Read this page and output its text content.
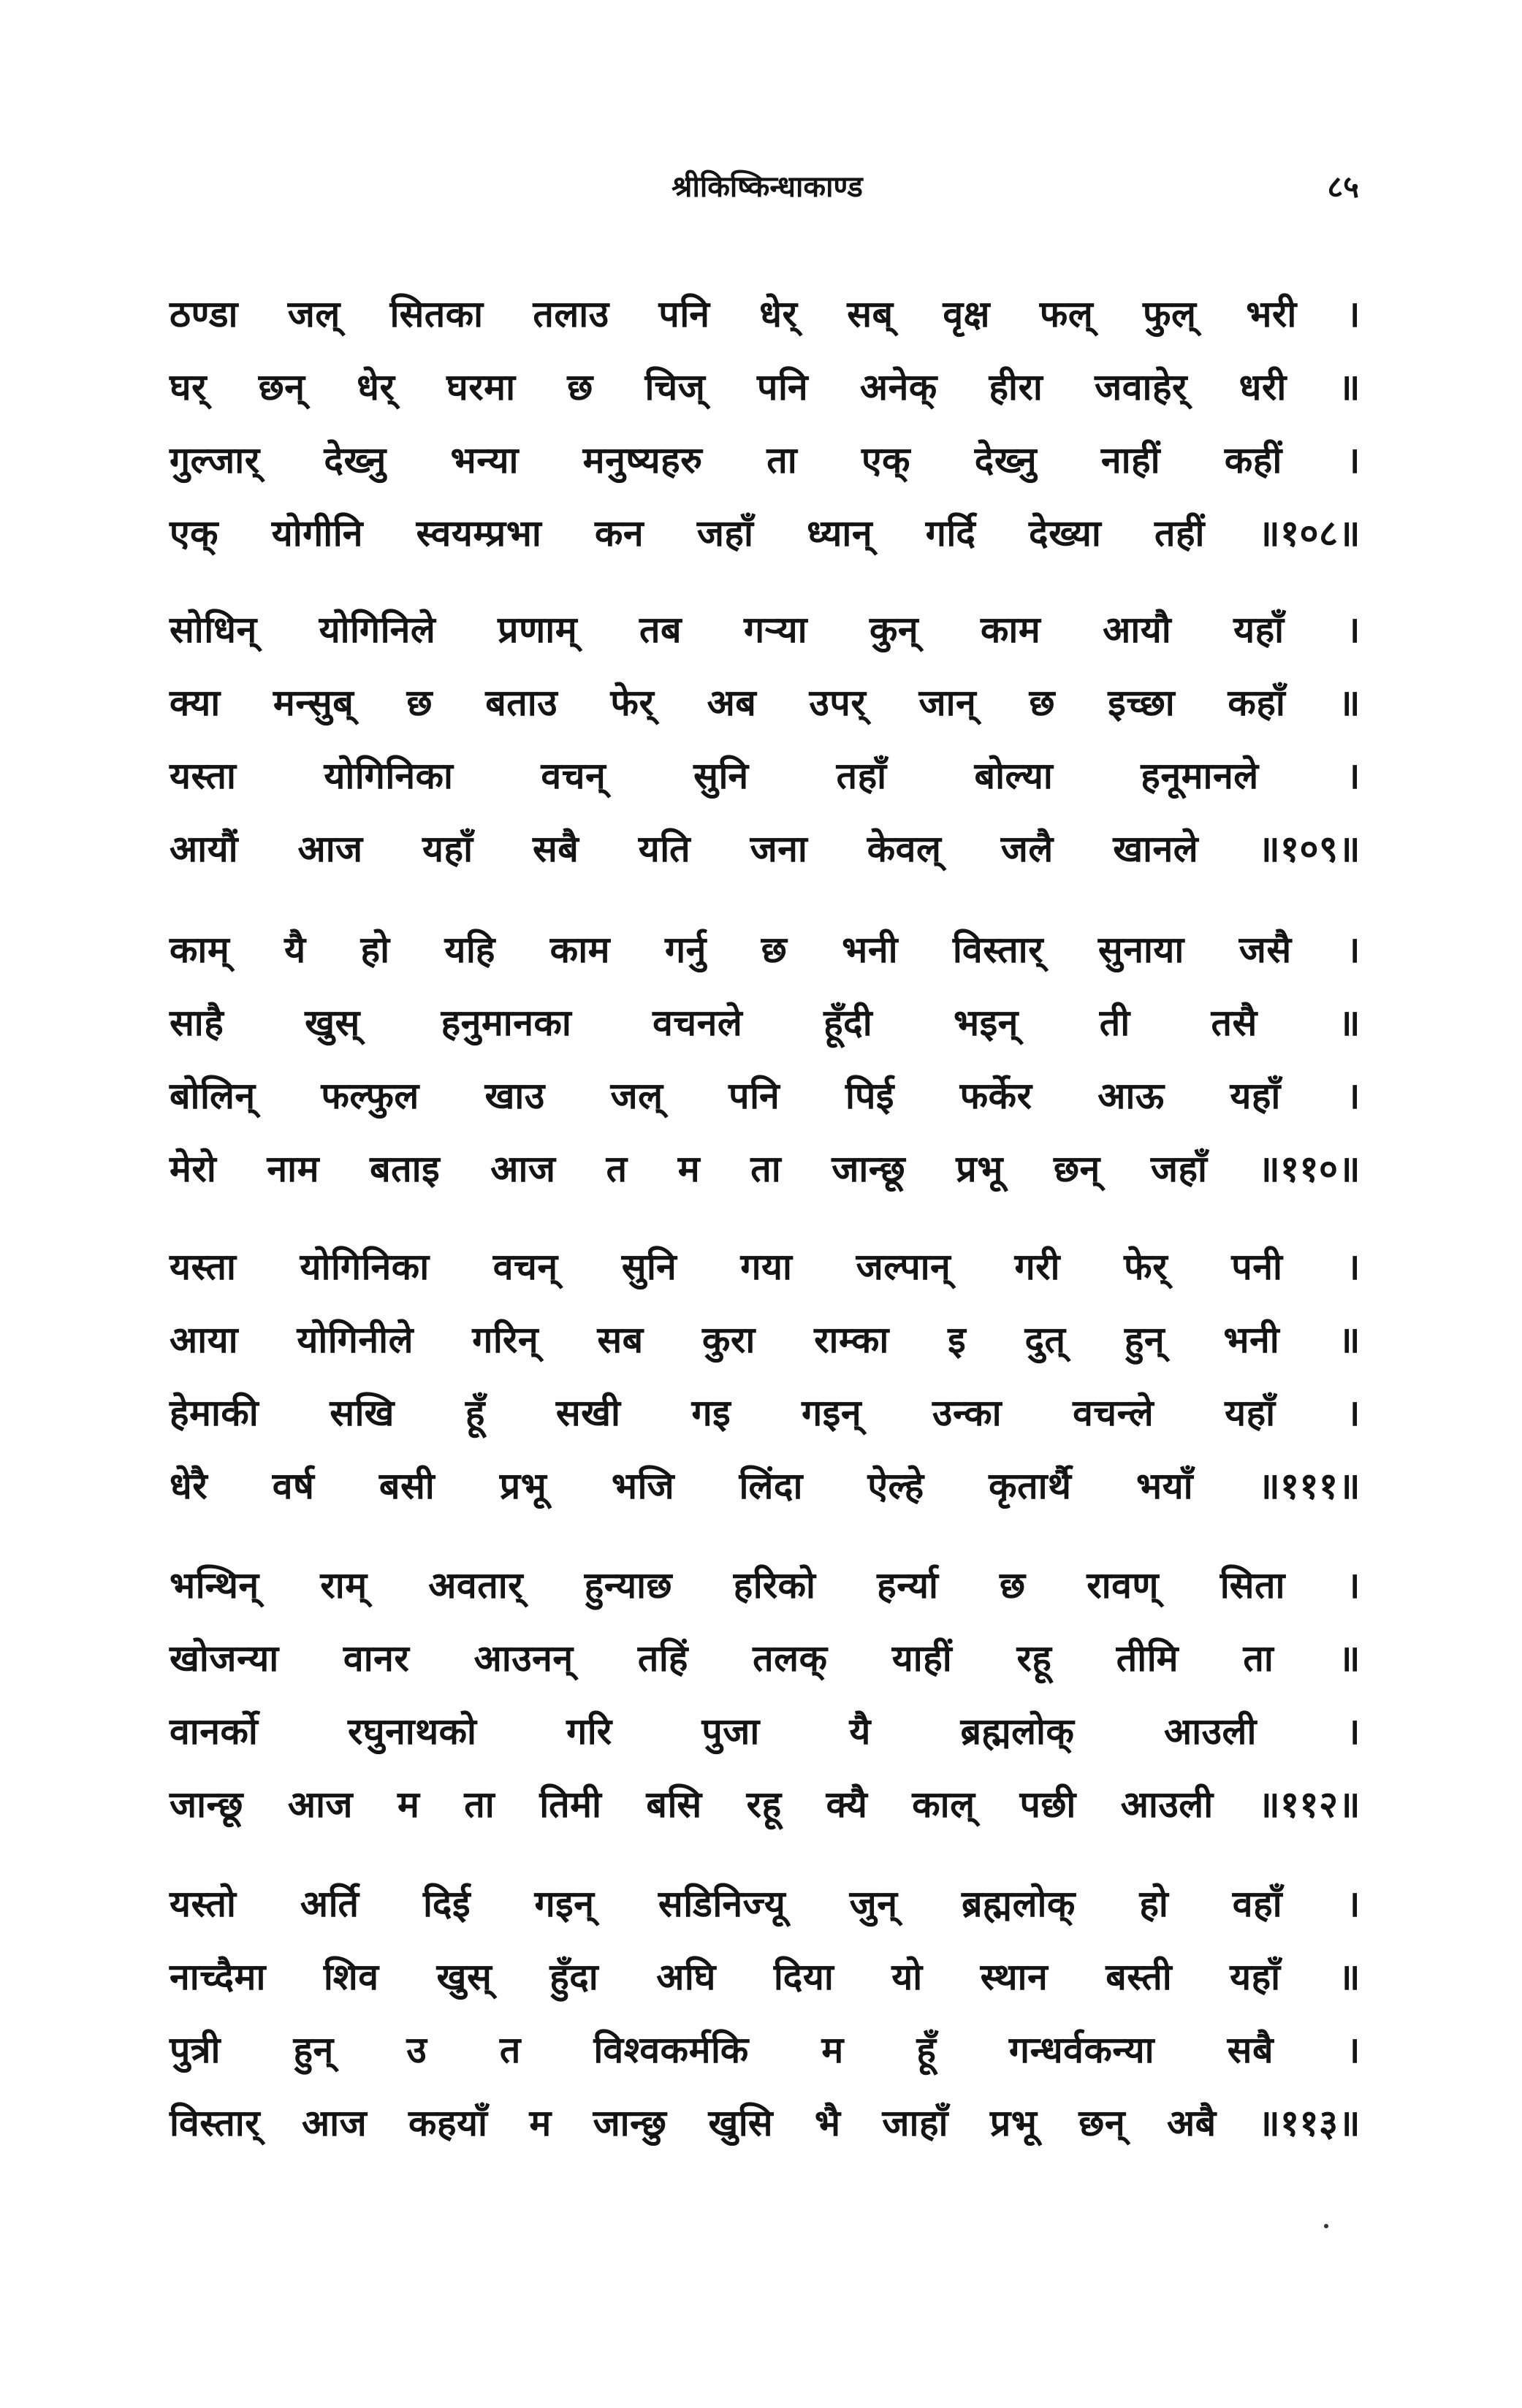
श्रीकिष्किन्धाकाण्ड	८५
ठण्डा जल् सितका तलाउ पनि धेर् सब् वृक्ष फल् फुल् भरी ।
घर् छन् धेर् घरमा छ चिज् पनि अनेक् हीरा जवाहेर् धरी ॥
गुल्जार् देख्नु भन्या मनुष्यहरु ता एक् देख्नु नाहीं कहीं ।
एक् योगीनि स्वयम्प्रभा कन जहाँ ध्यान् गर्दि देख्या तहीं ॥१०८॥
सोधिन् योगिनिले प्रणाम् तब गर्‍या कुन् काम आयौ यहाँ ।
क्या मन्सुब् छ बताउ फेर् अब उपर् जान् छ इच्छा कहाँ ॥
यस्ता योगिनिका वचन् सुनि तहाँ बोल्या हनूमानले ।
आयौं आज यहाँ सबै यति जना केवल् जलै खानले ॥१०९॥
काम् यै हो यहि काम गर्नु छ भनी विस्तार् सुनाया जसै ।
साहै खुस् हनुमानका वचनले हूँदी भइन् ती तसै ॥
बोलिन् फल्फुल खाउ जल् पनि पिई फर्केर आऊ यहाँ ।
मेरो नाम बताइ आज त म ता जान्छू प्रभू छन् जहाँ ॥११०॥
यस्ता योगिनिका वचन् सुनि गया जल्पान् गरी फेर् पनी ।
आया योगिनीले गरिन् सब कुरा राम्का इ दुत् हुन् भनी ॥
हेमाकी सखि हूँ सखी गइ गइन् उन्का वचन्ले यहाँ ।
धेरै वर्ष बसी प्रभू भजि लिंदा ऐल्हे कृतार्थै भयाँ ॥१११॥
भन्थिन् राम् अवतार् हुन्याछ हरिको हर्न्या छ रावण् सिता ।
खोजन्या वानर आउनन् तहिं तलक् याहीं रहू तीमि ता ॥
वानर्को रघुनाथको गरि पुजा यै ब्रह्मलोक् आउली ।
जान्छू आज म ता तिमी बसि रहू क्यै काल् पछी आउली ॥११२॥
यस्तो अर्ति दिई गइन् सडिनिज्यू जुन् ब्रह्मलोक् हो वहाँ ।
नाच्दैमा शिव खुस् हुँदा अघि दिया यो स्थान बस्ती यहाँ ॥
पुत्री हुन् उ त विश्वकर्मकि म हूँ गन्धर्वकन्या सबै ।
विस्तार् आज कहयाँ म जान्छु खुसि भै जाहाँ प्रभू छन् अबै ॥११३॥
